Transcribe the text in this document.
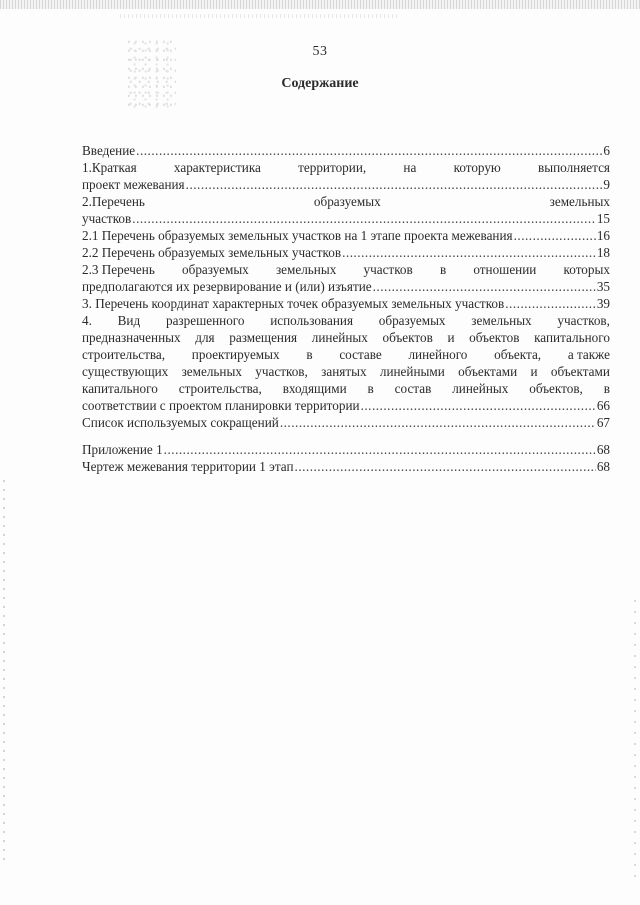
53
Содержание
Введение .....	6
1.Краткая	характеристика	территории,	на	которую	выполняется
проект межевания .....	9
2.Перечень	образуемых	земельных
участков .....	15
2.1 Перечень образуемых земельных участков на 1 этапе проекта межевания .....	16
2.2 Перечень образуемых земельных участков .....	18
2.3 Перечень образуемых земельных участков в отношении которых
предполагаются их резервирование и (или) изъятие .....	35
3. Перечень координат характерных точек образуемых земельных участков .....	39
4. Вид разрешенного использования образуемых земельных участков,
предназначенных для размещения линейных объектов и объектов капитального
строительства, проектируемых в составе линейного объекта, а также
существующих земельных участков, занятых линейными объектами и объектами
капитального строительства, входящими в состав линейных объектов, в
соответствии с проектом планировки территории .....	66
Список используемых сокращений .....	67
Приложение 1 .....	68
Чертеж межевания территории 1 этап .....	68
